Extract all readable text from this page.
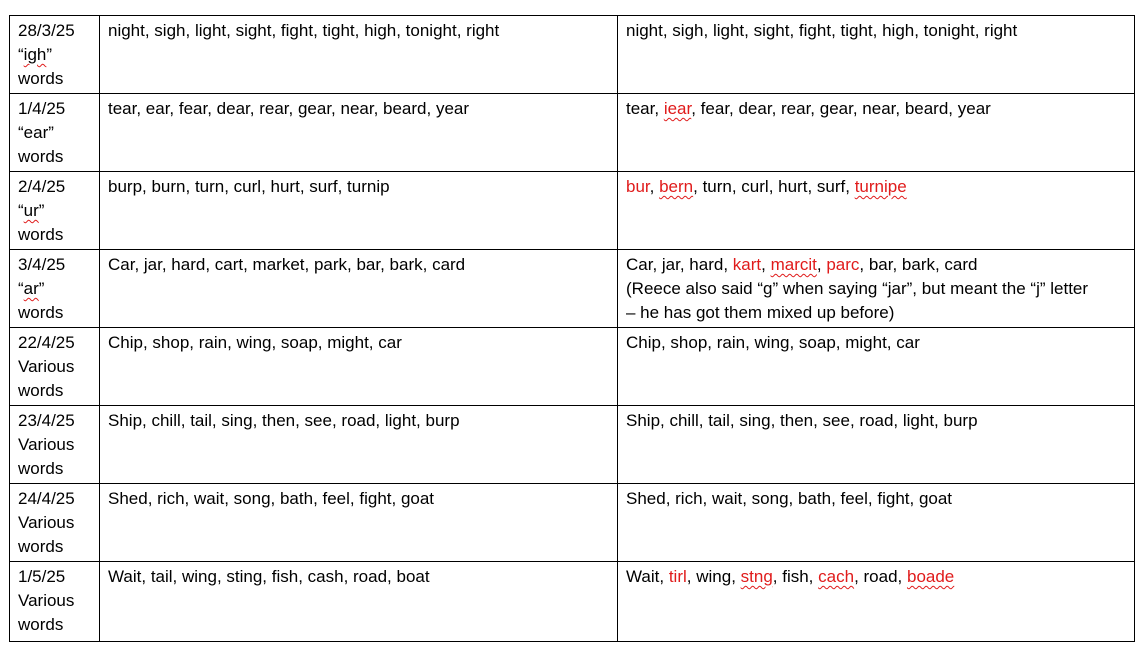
28/3/25
“igh”
words	night, sigh, light, sight, fight, tight, high, tonight, right	night, sigh, light, sight, fight, tight, high, tonight, right

1/4/25
“ear”
words	tear, ear, fear, dear, rear, gear, near, beard, year	tear, iear, fear, dear, rear, gear, near, beard, year

2/4/25
“ur”
words	burp, burn, turn, curl, hurt, surf, turnip	bur, bern, turn, curl, hurt, surf, turnipe

3/4/25
“ar”
words	Car, jar, hard, cart, market, park, bar, bark, card	Car, jar, hard, kart, marcit, parc, bar, bark, card
(Reece also said “g” when saying “jar”, but meant the “j” letter
– he has got them mixed up before)

22/4/25
Various
words	Chip, shop, rain, wing, soap, might, car	Chip, shop, rain, wing, soap, might, car

23/4/25
Various
words	Ship, chill, tail, sing, then, see, road, light, burp	Ship, chill, tail, sing, then, see, road, light, burp

24/4/25
Various
words	Shed, rich, wait, song, bath, feel, fight, goat	Shed, rich, wait, song, bath, feel, fight, goat

1/5/25
Various
words	Wait, tail, wing, sting, fish, cash, road, boat	Wait, tirl, wing, stng, fish, cach, road, boade
